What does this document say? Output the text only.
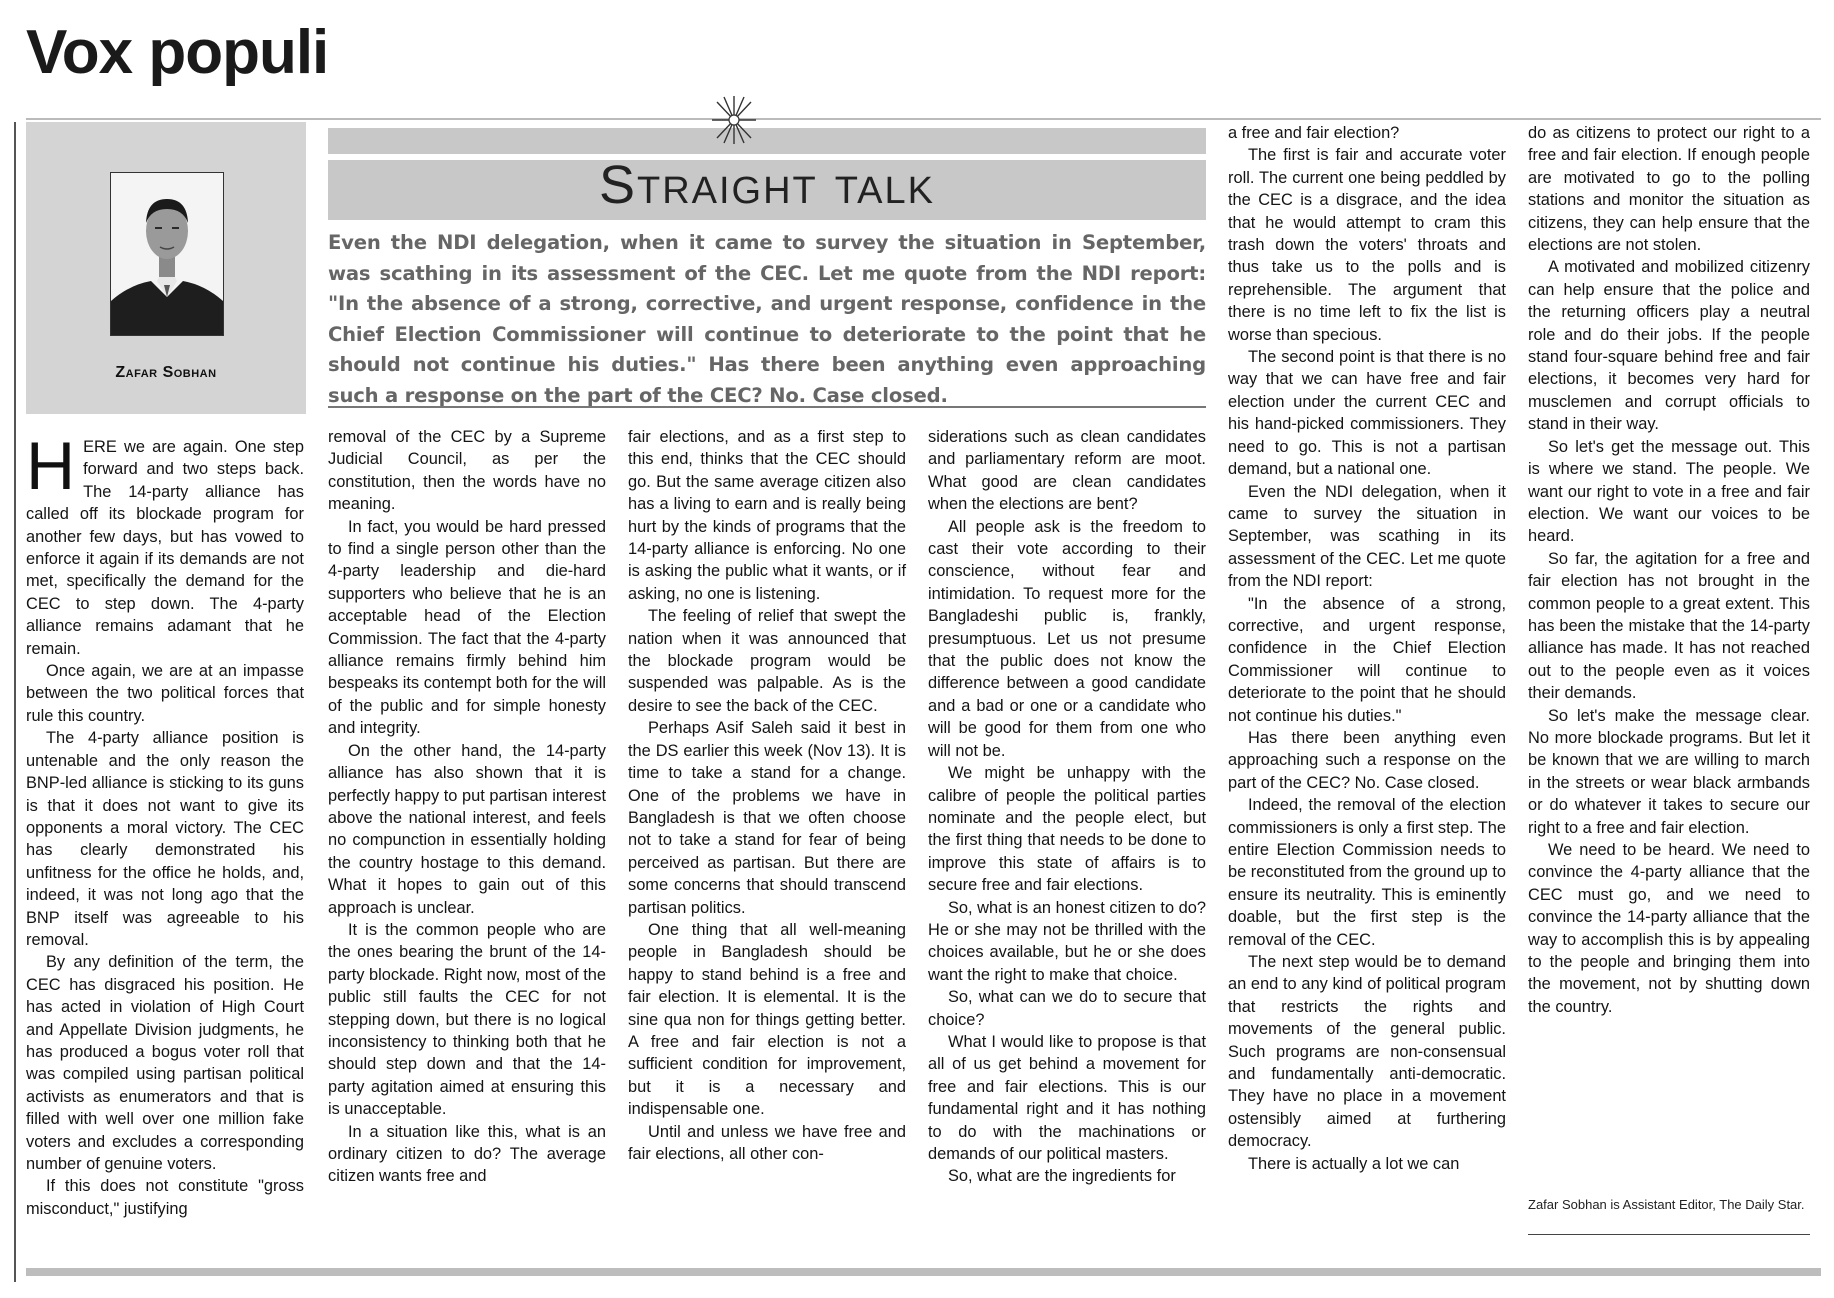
Vox populi
Zafar Sobhan
Straight talk
Even the NDI delegation, when it came to survey the situation in September, was scathing in its assessment of the CEC. Let me quote from the NDI report: "In the absence of a strong, corrective, and urgent response, confidence in the Chief Election Commissioner will continue to deteriorate to the point that he should not continue his duties." Has there been anything even approaching such a response on the part of the CEC? No. Case closed.

HERE we are again. One step forward and two steps back. The 14-party alliance has called off its blockade program for another few days, but has vowed to enforce it again if its demands are not met, specifically the demand for the CEC to step down. The 4-party alliance remains adamant that he remain.

Once again, we are at an impasse between the two political forces that rule this country.

The 4-party alliance position is untenable and the only reason the BNP-led alliance is sticking to its guns is that it does not want to give its opponents a moral victory. The CEC has clearly demonstrated his unfitness for the office he holds, and, indeed, it was not long ago that the BNP itself was agreeable to his removal.

By any definition of the term, the CEC has disgraced his position. He has acted in violation of High Court and Appellate Division judgments, he has produced a bogus voter roll that was compiled using partisan political activists as enumerators and that is filled with well over one million fake voters and excludes a corresponding number of genuine voters.

If this does not constitute "gross misconduct," justifying

removal of the CEC by a Supreme Judicial Council, as per the constitution, then the words have no meaning.

In fact, you would be hard pressed to find a single person other than the 4-party leadership and die-hard supporters who believe that he is an acceptable head of the Election Commission. The fact that the 4-party alliance remains firmly behind him bespeaks its contempt both for the will of the public and for simple honesty and integrity.

On the other hand, the 14-party alliance has also shown that it is perfectly happy to put partisan interest above the national interest, and feels no compunction in essentially holding the country hostage to this demand. What it hopes to gain out of this approach is unclear.

It is the common people who are the ones bearing the brunt of the 14-party blockade. Right now, most of the public still faults the CEC for not stepping down, but there is no logical inconsistency to thinking both that he should step down and that the 14-party agitation aimed at ensuring this is unacceptable.

In a situation like this, what is an ordinary citizen to do? The average citizen wants free and

fair elections, and as a first step to this end, thinks that the CEC should go. But the same average citizen also has a living to earn and is really being hurt by the kinds of programs that the 14-party alliance is enforcing. No one is asking the public what it wants, or if asking, no one is listening.

The feeling of relief that swept the nation when it was announced that the blockade program would be suspended was palpable. As is the desire to see the back of the CEC.

Perhaps Asif Saleh said it best in the DS earlier this week (Nov 13). It is time to take a stand for a change. One of the problems we have in Bangladesh is that we often choose not to take a stand for fear of being perceived as partisan. But there are some concerns that should transcend partisan politics.

One thing that all well-meaning people in Bangladesh should be happy to stand behind is a free and fair election. It is elemental. It is the sine qua non for things getting better. A free and fair election is not a sufficient condition for improvement, but it is a necessary and indispensable one.

Until and unless we have free and fair elections, all other con-

siderations such as clean candidates and parliamentary reform are moot. What good are clean candidates when the elections are bent?

All people ask is the freedom to cast their vote according to their conscience, without fear and intimidation. To request more for the Bangladeshi public is, frankly, presumptuous. Let us not presume that the public does not know the difference between a good candidate and a bad or one or a candidate who will be good for them from one who will not be.

We might be unhappy with the calibre of people the political parties nominate and the people elect, but the first thing that needs to be done to improve this state of affairs is to secure free and fair elections.

So, what is an honest citizen to do? He or she may not be thrilled with the choices available, but he or she does want the right to make that choice.

So, what can we do to secure that choice?

What I would like to propose is that all of us get behind a movement for free and fair elections. This is our fundamental right and it has nothing to do with the machinations or demands of our political masters.

So, what are the ingredients for

a free and fair election?

The first is fair and accurate voter roll. The current one being peddled by the CEC is a disgrace, and the idea that he would attempt to cram this trash down the voters' throats and thus take us to the polls and is reprehensible. The argument that there is no time left to fix the list is worse than specious.

The second point is that there is no way that we can have free and fair election under the current CEC and his hand-picked commissioners. They need to go. This is not a partisan demand, but a national one.

Even the NDI delegation, when it came to survey the situation in September, was scathing in its assessment of the CEC. Let me quote from the NDI report:

"In the absence of a strong, corrective, and urgent response, confidence in the Chief Election Commissioner will continue to deteriorate to the point that he should not continue his duties."

Has there been anything even approaching such a response on the part of the CEC? No. Case closed.

Indeed, the removal of the election commissioners is only a first step. The entire Election Commission needs to be reconstituted from the ground up to ensure its neutrality. This is eminently doable, but the first step is the removal of the CEC.

The next step would be to demand an end to any kind of political program that restricts the rights and movements of the general public. Such programs are non-consensual and fundamentally anti-democratic. They have no place in a movement ostensibly aimed at furthering democracy.

There is actually a lot we can

do as citizens to protect our right to a free and fair election. If enough people are motivated to go to the polling stations and monitor the situation as citizens, they can help ensure that the elections are not stolen.

A motivated and mobilized citizenry can help ensure that the police and the returning officers play a neutral role and do their jobs. If the people stand four-square behind free and fair elections, it becomes very hard for musclemen and corrupt officials to stand in their way.

So let's get the message out. This is where we stand. The people. We want our right to vote in a free and fair election. We want our voices to be heard.

So far, the agitation for a free and fair election has not brought in the common people to a great extent. This has been the mistake that the 14-party alliance has made. It has not reached out to the people even as it voices their demands.

So let's make the message clear. No more blockade programs. But let it be known that we are willing to march in the streets or wear black armbands or do whatever it takes to secure our right to a free and fair election.

We need to be heard. We need to convince the 4-party alliance that the CEC must go, and we need to convince the 14-party alliance that the way to accomplish this is by appealing to the people and bringing them into the movement, not by shutting down the country.

Zafar Sobhan is Assistant Editor, The Daily Star.
